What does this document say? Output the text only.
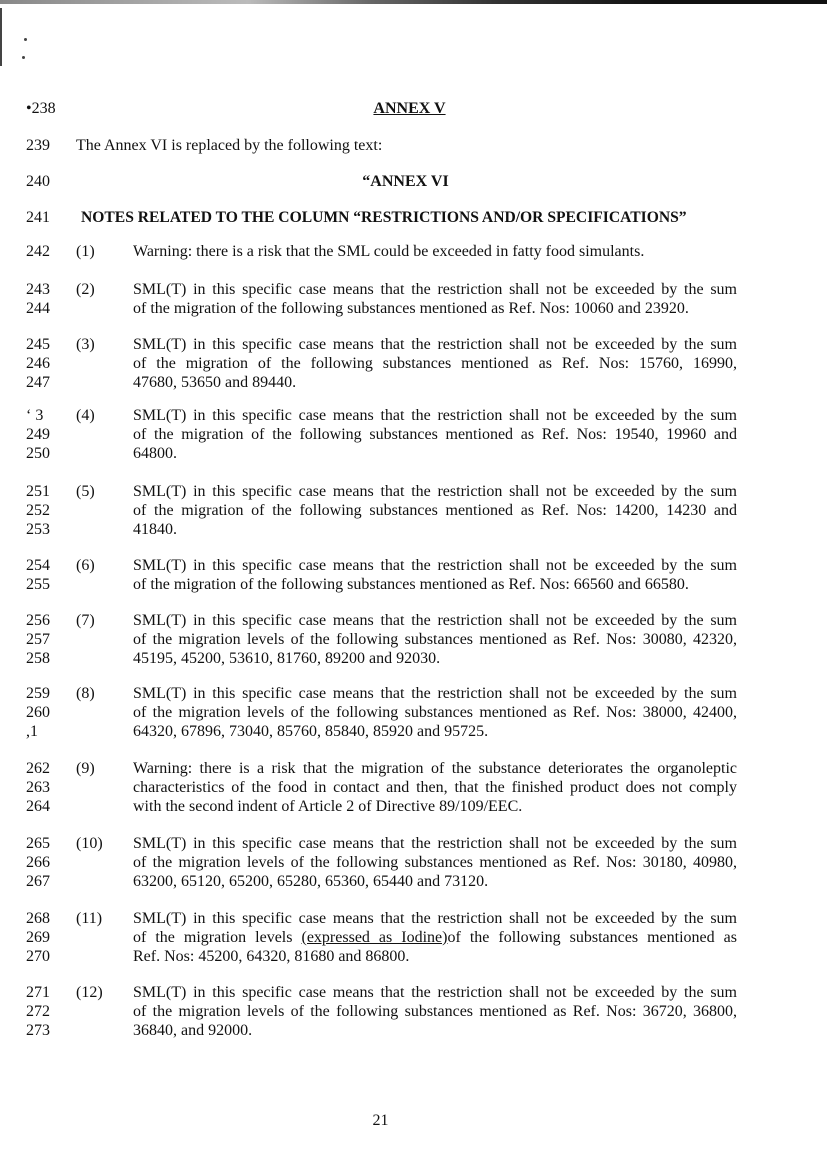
•238	ANNEX V
239 The Annex VI is replaced by the following text:
240	“ANNEX VI
241 NOTES RELATED TO THE COLUMN “RESTRICTIONS AND/OR SPECIFICATIONS”
242 (1) Warning: there is a risk that the SML could be exceeded in fatty food simulants.
243
244
(2) SML(T) in this specific case means that the restriction shall not be exceeded by the sum
of the migration of the following substances mentioned as Ref. Nos: 10060 and 23920.
245
246
247
(3) SML(T) in this specific case means that the restriction shall not be exceeded by the sum
of the migration of the following substances mentioned as Ref. Nos: 15760, 16990,
47680, 53650 and 89440.
‘ 3
249
250
(4) SML(T) in this specific case means that the restriction shall not be exceeded by the sum
of the migration of the following substances mentioned as Ref. Nos: 19540, 19960 and
64800.
251
252
253
(5) SML(T) in this specific case means that the restriction shall not be exceeded by the sum
of the migration of the following substances mentioned as Ref. Nos: 14200, 14230 and
41840.
254
255
(6) SML(T) in this specific case means that the restriction shall not be exceeded by the sum
of the migration of the following substances mentioned as Ref. Nos: 66560 and 66580.
256
257
258
(7) SML(T) in this specific case means that the restriction shall not be exceeded by the sum
of the migration levels of the following substances mentioned as Ref. Nos: 30080, 42320,
45195, 45200, 53610, 81760, 89200 and 92030.
259
260
,1
(8) SML(T) in this specific case means that the restriction shall not be exceeded by the sum
of the migration levels of the following substances mentioned as Ref. Nos: 38000, 42400,
64320, 67896, 73040, 85760, 85840, 85920 and 95725.
262
263
264
(9) Warning: there is a risk that the migration of the substance deteriorates the organoleptic
characteristics of the food in contact and then, that the finished product does not comply
with the second indent of Article 2 of Directive 89/109/EEC.
265
266
267
(10) SML(T) in this specific case means that the restriction shall not be exceeded by the sum
of the migration levels of the following substances mentioned as Ref. Nos: 30180, 40980,
63200, 65120, 65200, 65280, 65360, 65440 and 73120.
268
269
270
(11) SML(T) in this specific case means that the restriction shall not be exceeded by the sum
of the migration levels (expressed as Iodine)of the following substances mentioned as
Ref. Nos: 45200, 64320, 81680 and 86800.
271
272
273
(12) SML(T) in this specific case means that the restriction shall not be exceeded by the sum
of the migration levels of the following substances mentioned as Ref. Nos: 36720, 36800,
36840, and 92000.
21
